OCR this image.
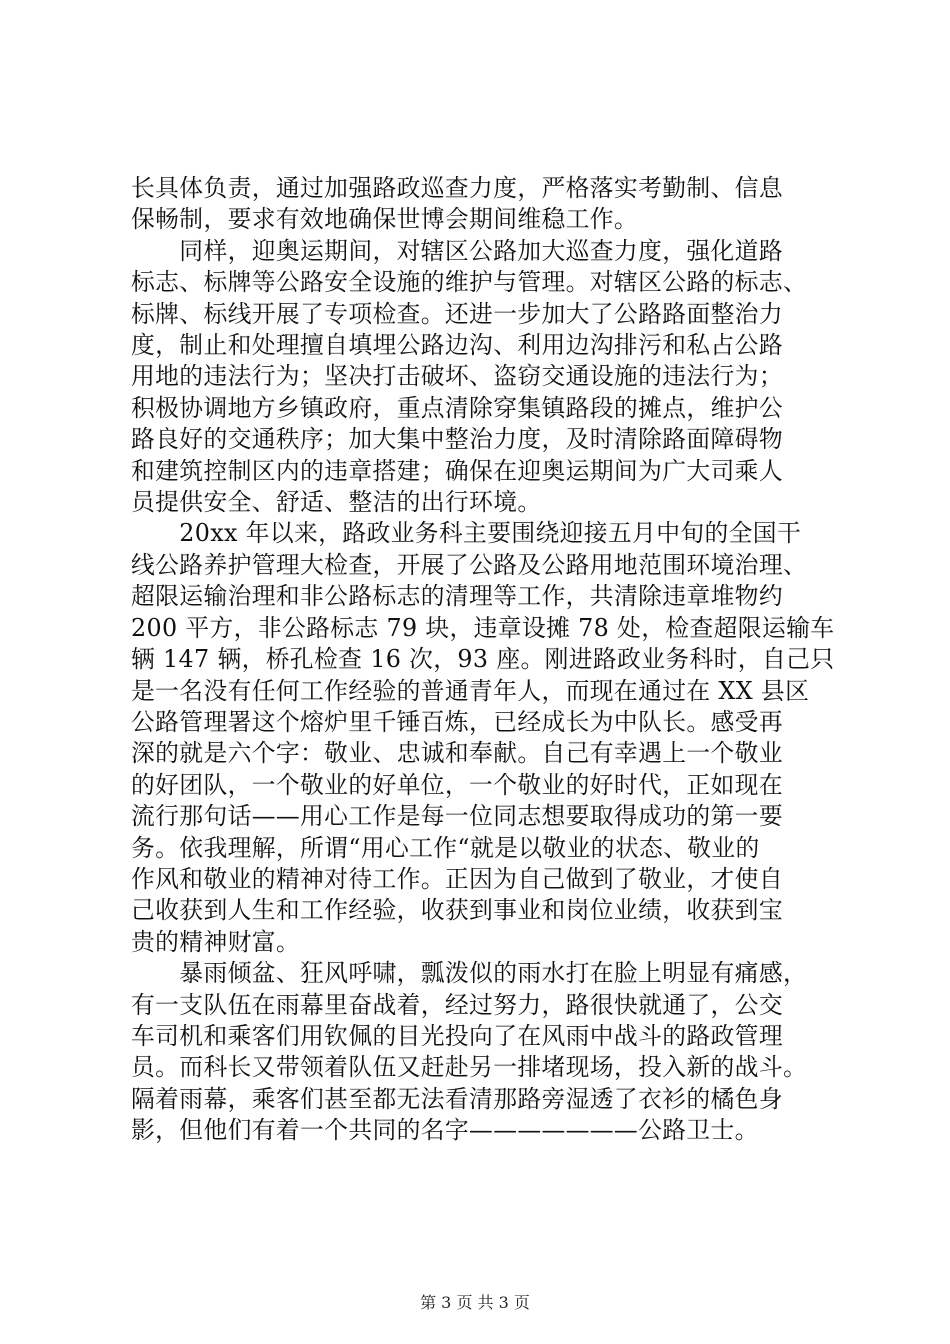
长具体负责，通过加强路政巡查力度，严格落实考勤制、信息
保畅制，要求有效地确保世博会期间维稳工作。
　　同样，迎奥运期间，对辖区公路加大巡查力度，强化道路
标志、标牌等公路安全设施的维护与管理。对辖区公路的标志、
标牌、标线开展了专项检查。还进一步加大了公路路面整治力
度，制止和处理擅自填埋公路边沟、利用边沟排污和私占公路
用地的违法行为；坚决打击破坏、盗窃交通设施的违法行为；
积极协调地方乡镇政府，重点清除穿集镇路段的摊点，维护公
路良好的交通秩序；加大集中整治力度，及时清除路面障碍物
和建筑控制区内的违章搭建；确保在迎奥运期间为广大司乘人
员提供安全、舒适、整洁的出行环境。
　　20xx 年以来，路政业务科主要围绕迎接五月中旬的全国干
线公路养护管理大检查，开展了公路及公路用地范围环境治理、
超限运输治理和非公路标志的清理等工作，共清除违章堆物约
200 平方，非公路标志 79 块，违章设摊 78 处，检查超限运输车
辆 147 辆，桥孔检查 16 次，93 座。刚进路政业务科时，自己只
是一名没有任何工作经验的普通青年人，而现在通过在 XX 县区
公路管理署这个熔炉里千锤百炼，已经成长为中队长。感受再
深的就是六个字：敬业、忠诚和奉献。自己有幸遇上一个敬业
的好团队，一个敬业的好单位，一个敬业的好时代，正如现在
流行那句话——用心工作是每一位同志想要取得成功的第一要
务。依我理解，所谓“用心工作“就是以敬业的状态、敬业的
作风和敬业的精神对待工作。正因为自己做到了敬业，才使自
己收获到人生和工作经验，收获到事业和岗位业绩，收获到宝
贵的精神财富。
　　暴雨倾盆、狂风呼啸，瓢泼似的雨水打在脸上明显有痛感，
有一支队伍在雨幕里奋战着，经过努力，路很快就通了，公交
车司机和乘客们用钦佩的目光投向了在风雨中战斗的路政管理
员。而科长又带领着队伍又赶赴另一排堵现场，投入新的战斗。
隔着雨幕，乘客们甚至都无法看清那路旁湿透了衣衫的橘色身
影，但他们有着一个共同的名字———————公路卫士。
第 3 页 共 3 页
